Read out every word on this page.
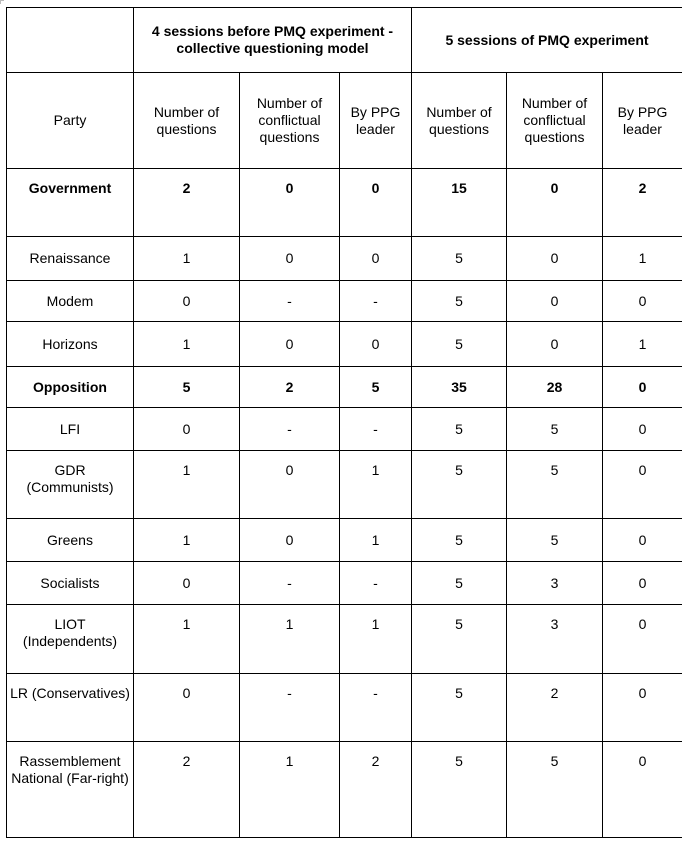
	4 sessions before PMQ experiment - collective questioning model			5 sessions of PMQ experiment		
Party	Number of questions	Number of conflictual questions	By PPG leader	Number of questions	Number of conflictual questions	By PPG leader
Government	2	0	0	15	0	2
Renaissance	1	0	0	5	0	1
Modem	0	-	-	5	0	0
Horizons	1	0	0	5	0	1
Opposition	5	2	5	35	28	0
LFI	0	-	-	5	5	0
GDR (Communists)	1	0	1	5	5	0
Greens	1	0	1	5	5	0
Socialists	0	-	-	5	3	0
LIOT (Independents)	1	1	1	5	3	0
LR (Conservatives)	0	-	-	5	2	0
Rassemblement National (Far-right)	2	1	2	5	5	0
